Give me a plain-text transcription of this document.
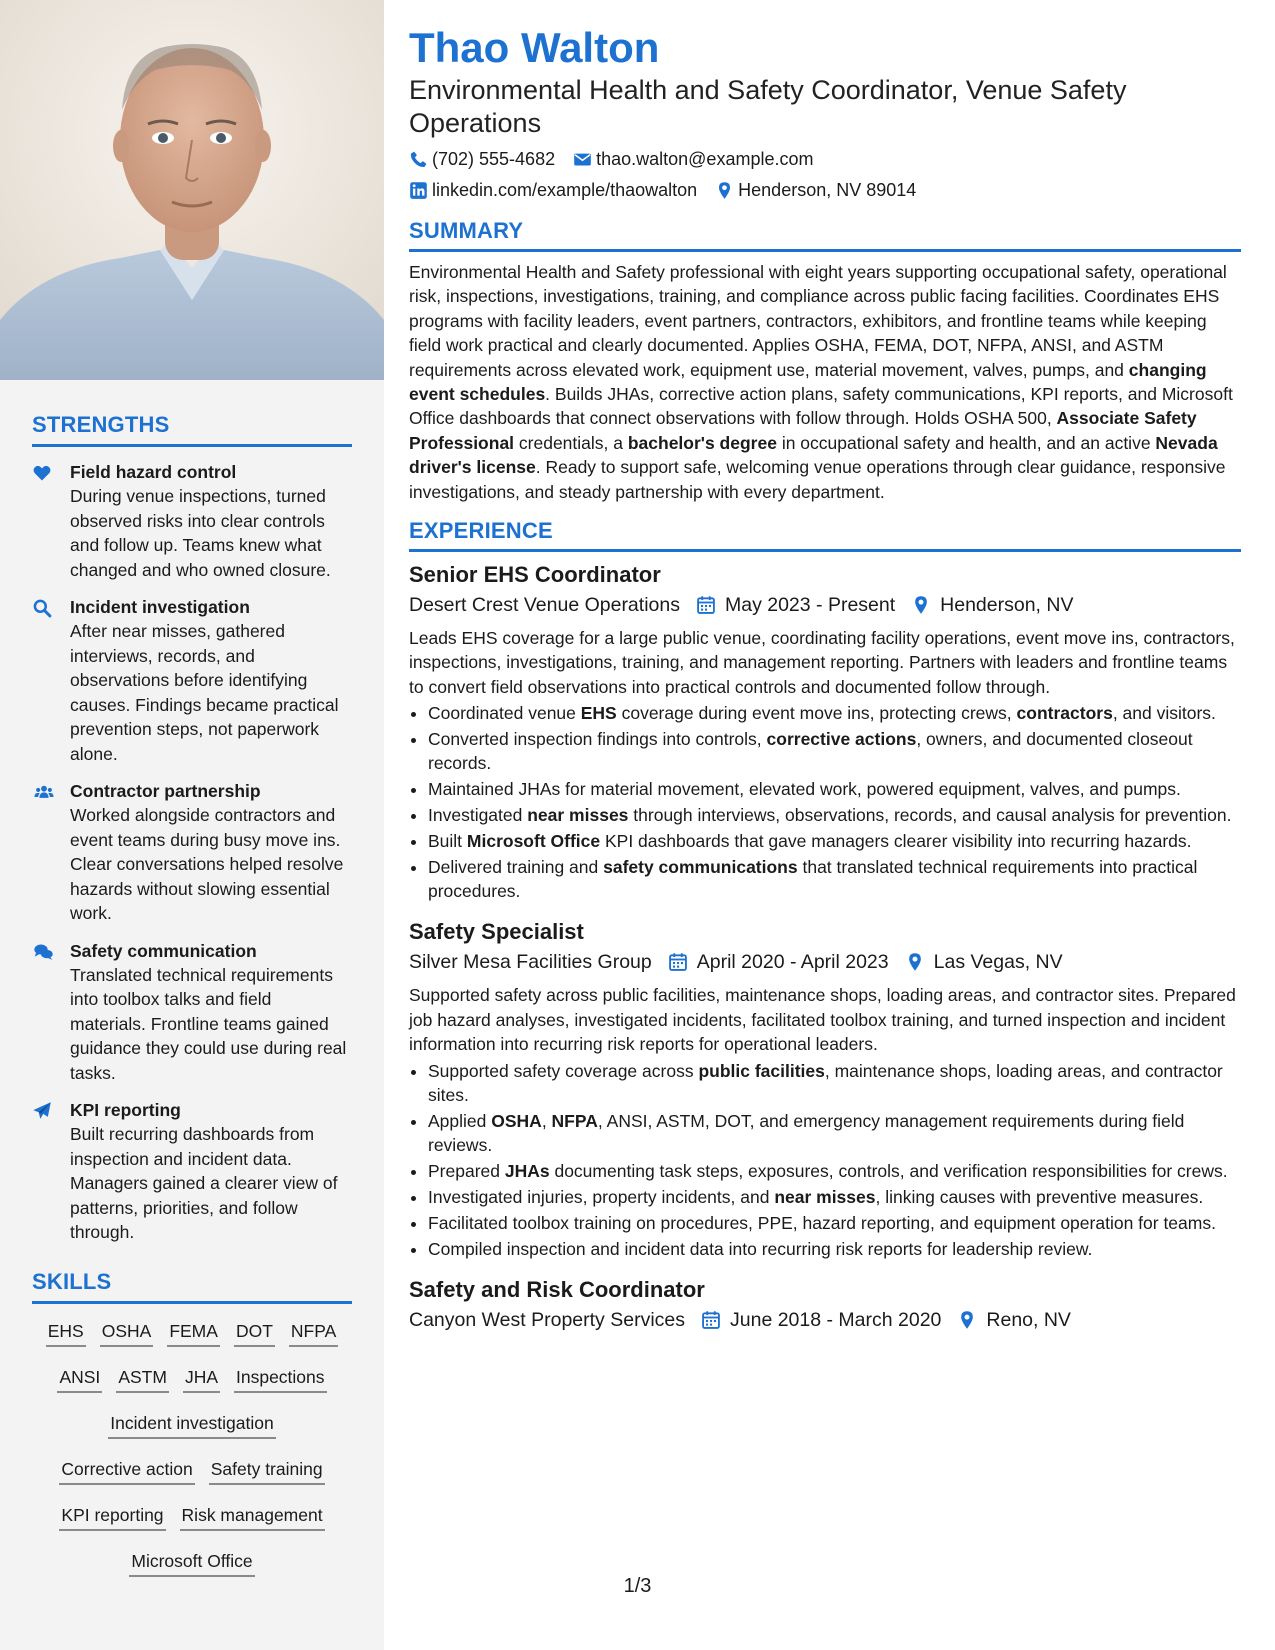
STRENGTHS
Field hazard control
During venue inspections, turned observed risks into clear controls and follow up. Teams knew what changed and who owned closure.
Incident investigation
After near misses, gathered interviews, records, and observations before identifying causes. Findings became practical prevention steps, not paperwork alone.
Contractor partnership
Worked alongside contractors and event teams during busy move ins. Clear conversations helped resolve hazards without slowing essential work.
Safety communication
Translated technical requirements into toolbox talks and field materials. Frontline teams gained guidance they could use during real tasks.
KPI reporting
Built recurring dashboards from inspection and incident data. Managers gained a clearer view of patterns, priorities, and follow through.
SKILLS
EHS OSHA FEMA DOT NFPA
ANSI ASTM JHA Inspections
Incident investigation
Corrective action Safety training
KPI reporting Risk management
Microsoft Office
Thao Walton

Environmental Health and Safety Coordinator, Venue Safety Operations

(702) 555-4682 thao.walton@example.com
linkedin.com/example/thaowalton Henderson, NV 89014
SUMMARY
Environmental Health and Safety professional with eight years supporting occupational safety, operational risk, inspections, investigations, training, and compliance across public facing facilities. Coordinates EHS programs with facility leaders, event partners, contractors, exhibitors, and frontline teams while keeping field work practical and clearly documented. Applies OSHA, FEMA, DOT, NFPA, ANSI, and ASTM requirements across elevated work, equipment use, material movement, valves, pumps, and changing event schedules. Builds JHAs, corrective action plans, safety communications, KPI reports, and Microsoft Office dashboards that connect observations with follow through. Holds OSHA 500, Associate Safety Professional credentials, a bachelor's degree in occupational safety and health, and an active Nevada driver's license. Ready to support safe, welcoming venue operations through clear guidance, responsive investigations, and steady partnership with every department.
EXPERIENCE
Senior EHS Coordinator
Desert Crest Venue Operations May 2023 - Present Henderson, NV
Leads EHS coverage for a large public venue, coordinating facility operations, event move ins, contractors, inspections, investigations, training, and management reporting. Partners with leaders and frontline teams to convert field observations into practical controls and documented follow through.
• Coordinated venue EHS coverage during event move ins, protecting crews, contractors, and visitors.
• Converted inspection findings into controls, corrective actions, owners, and documented closeout records.
• Maintained JHAs for material movement, elevated work, powered equipment, valves, and pumps.
• Investigated near misses through interviews, observations, records, and causal analysis for prevention.
• Built Microsoft Office KPI dashboards that gave managers clearer visibility into recurring hazards.
• Delivered training and safety communications that translated technical requirements into practical procedures.
Safety Specialist
Silver Mesa Facilities Group April 2020 - April 2023 Las Vegas, NV
Supported safety across public facilities, maintenance shops, loading areas, and contractor sites. Prepared job hazard analyses, investigated incidents, facilitated toolbox training, and turned inspection and incident information into recurring risk reports for operational leaders.
• Supported safety coverage across public facilities, maintenance shops, loading areas, and contractor sites.
• Applied OSHA, NFPA, ANSI, ASTM, DOT, and emergency management requirements during field reviews.
• Prepared JHAs documenting task steps, exposures, controls, and verification responsibilities for crews.
• Investigated injuries, property incidents, and near misses, linking causes with preventive measures.
• Facilitated toolbox training on procedures, PPE, hazard reporting, and equipment operation for teams.
• Compiled inspection and incident data into recurring risk reports for leadership review.
Safety and Risk Coordinator
Canyon West Property Services June 2018 - March 2020 Reno, NV
1/3
